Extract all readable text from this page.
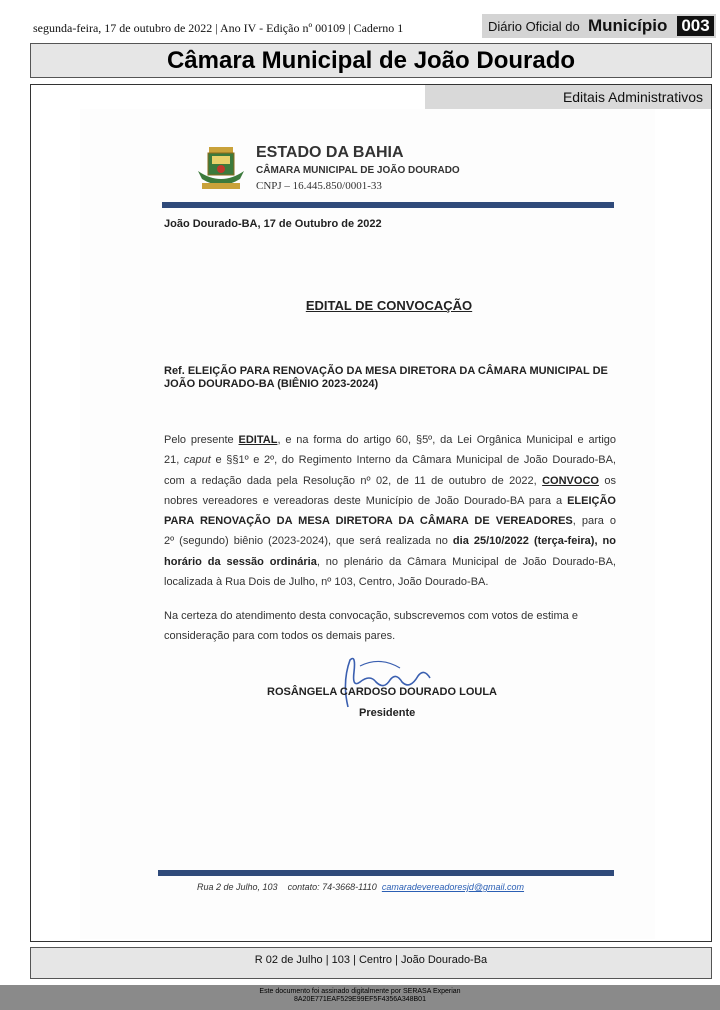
segunda-feira, 17 de outubro de 2022 | Ano IV - Edição nº 00109 | Caderno 1	Diário Oficial do Município 003
Câmara Municipal de João Dourado
Editais Administrativos
ESTADO DA BAHIA
CÂMARA MUNICIPAL DE JOÃO DOURADO
CNPJ – 16.445.850/0001-33
João Dourado-BA, 17 de Outubro de 2022
EDITAL DE CONVOCAÇÃO
Ref. ELEIÇÃO PARA RENOVAÇÃO DA MESA DIRETORA DA CÂMARA MUNICIPAL DE JOÃO DOURADO-BA (BIÊNIO 2023-2024)
Pelo presente EDITAL, e na forma do artigo 60, §5º, da Lei Orgânica Municipal e artigo
21, caput e §§1º e 2º, do Regimento Interno da Câmara Municipal de João Dourado-BA,
com a redação dada pela Resolução nº 02, de 11 de outubro de 2022, CONVOCO os
nobres vereadores e vereadoras deste Município de João Dourado-BA para a ELEIÇÃO
PARA RENOVAÇÃO DA MESA DIRETORA DA CÂMARA DE VEREADORES, para o
2º (segundo) biênio (2023-2024), que será realizada no dia 25/10/2022 (terça-feira), no
horário da sessão ordinária, no plenário da Câmara Municipal de João Dourado-BA,
localizada à Rua Dois de Julho, nº 103, Centro, João Dourado-BA.
Na certeza do atendimento desta convocação, subscrevemos com votos de estima e consideração para com todos os demais pares.
ROSÂNGELA CARDOSO DOURADO LOULA
Presidente
Rua 2 de Julho, 103 contato: 74-3668-1110 camaradevereadoresjd@gmail.com
R 02 de Julho | 103 | Centro | João Dourado-Ba
Este documento foi assinado digitalmente por SERASA Experian
8A20E771EAF529E99EF5F4356A348B01
